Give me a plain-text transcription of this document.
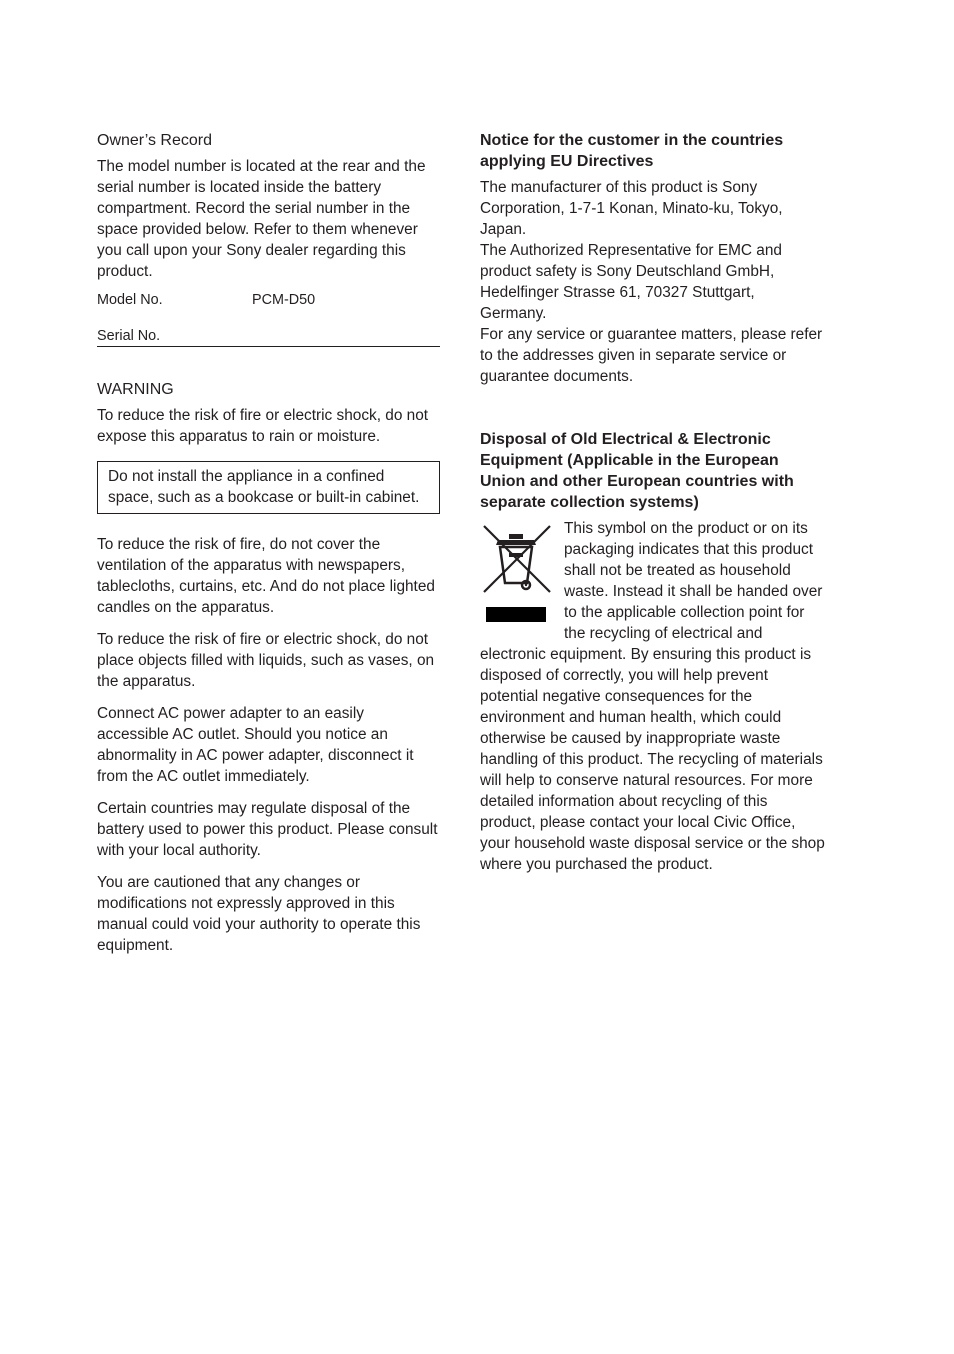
Owner’s Record

The model number is located at the rear and the serial number is located inside the battery compartment. Record the serial number in the space provided below. Refer to them whenever you call upon your Sony dealer regarding this product.

Model No.	PCM-D50
Serial No.
WARNING

To reduce the risk of fire or electric shock, do not expose this apparatus to rain or moisture.

Do not install the appliance in a confined space, such as a bookcase or built-in cabinet.

To reduce the risk of fire, do not cover the ventilation of the apparatus with newspapers, tablecloths, curtains, etc. And do not place lighted candles on the apparatus.

To reduce the risk of fire or electric shock, do not place objects filled with liquids, such as vases, on the apparatus.

Connect AC power adapter to an easily accessible AC outlet. Should you notice an abnormality in AC power adapter, disconnect it from the AC outlet immediately.

Certain countries may regulate disposal of the battery used to power this product. Please consult with your local authority.

You are cautioned that any changes or modifications not expressly approved in this manual could void your authority to operate this equipment.

Notice for the customer in the countries applying EU Directives

The manufacturer of this product is Sony Corporation, 1-7-1 Konan, Minato-ku, Tokyo, Japan.

The Authorized Representative for EMC and product safety is Sony Deutschland GmbH, Hedelfinger Strasse 61, 70327 Stuttgart, Germany.

For any service or guarantee matters, please refer to the addresses given in separate service or guarantee documents.

Disposal of Old Electrical & Electronic Equipment (Applicable in the European Union and other European countries with separate collection systems)

This symbol on the product or on its packaging indicates that this product shall not be treated as household waste. Instead it shall be handed over to the applicable collection point for the recycling of electrical and electronic equipment. By ensuring this product is disposed of correctly, you will help prevent potential negative consequences for the environment and human health, which could otherwise be caused by inappropriate waste handling of this product. The recycling of materials will help to conserve natural resources. For more detailed information about recycling of this product, please contact your local Civic Office, your household waste disposal service or the shop where you purchased the product.
